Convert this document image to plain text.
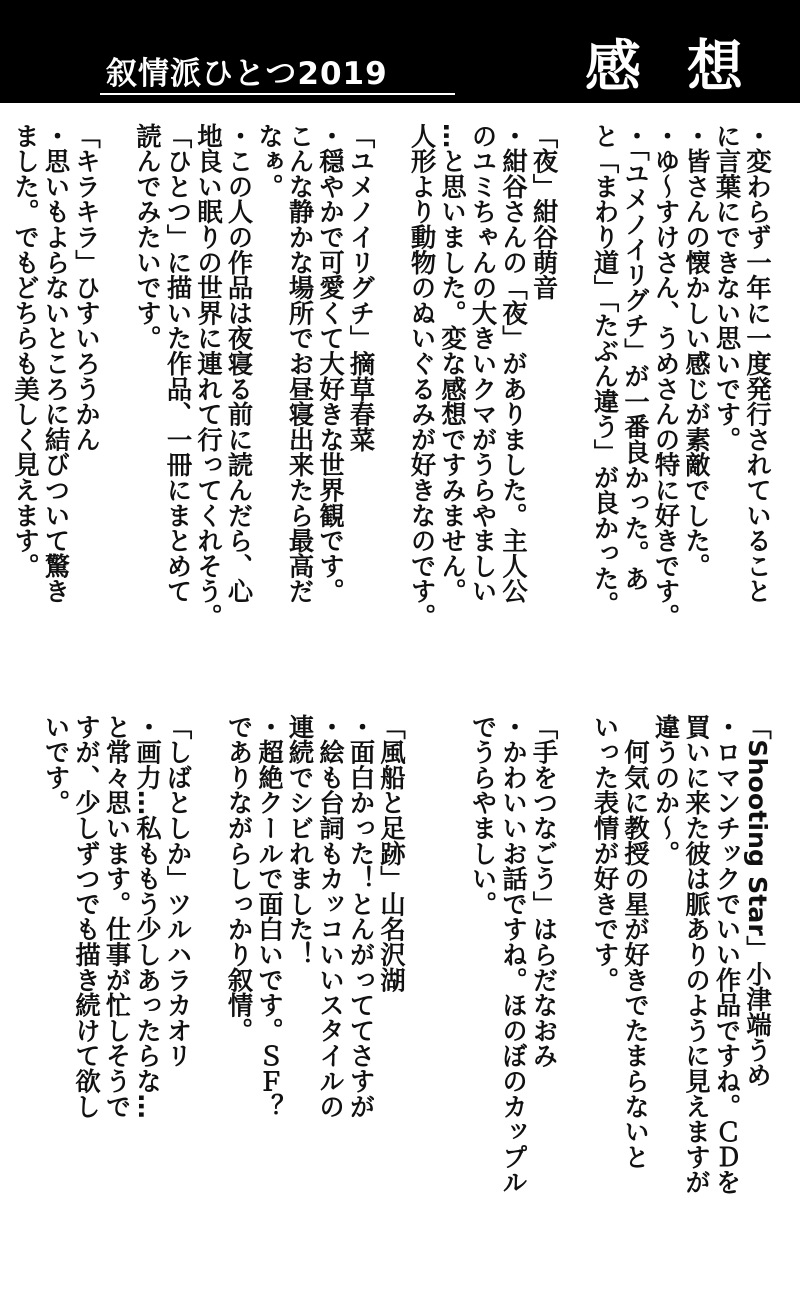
叙情派ひとつ2019	感想
・変わらず一年に一度発行されていること
に言葉にできない思いです。
・皆さんの懐かしい感じが素敵でした。
・ゆ～すけさん、うめさんの特に好きです。
・「ユメノイリグチ」が一番良かった。あ
と「まわり道」「たぶん違う」が良かった。

「夜」紺谷萌音
・紺谷さんの「夜」がありました。主人公
のユミちゃんの大きいクマがうらやましい
…と思いました。変な感想ですみません。
人形より動物のぬいぐるみが好きなのです。

「ユメノイリグチ」摘草春菜
・穏やかで可愛くて大好きな世界観です。
こんな静かな場所でお昼寝出来たら最高だ
なぁ。
・この人の作品は夜寝る前に読んだら、心
地良い眠りの世界に連れて行ってくれそう。
「ひとつ」に描いた作品、一冊にまとめて
読んでみたいです。

「キラキラ」ひすいろうかん
・思いもよらないところに結びついて驚き
ました。でもどちらも美しく見えます。
「Shooting Star」小津端うめ
・ロマンチックでいい作品ですね。ＣＤを
買いに来た彼は脈ありのように見えますが
違うのか～。
　何気に教授の星が好きでたまらないと
いった表情が好きです。

「手をつなごう」はらだなおみ
・かわいいお話ですね。ほのぼのカップル
でうらやましい。

「風船と足跡」山名沢湖
・面白かった！とんがっててさすが
・絵も台詞もカッコいいスタイルの
連続でシビれました！
・超絶クールで面白いです。ＳＦ？
でありながらしっかり叙情。

「しばとしか」ツルハラカオリ
・画力…私ももう少しあったらな…
と常々思います。仕事が忙しそうで
すが、少しずつでも描き続けて欲し
いです。
